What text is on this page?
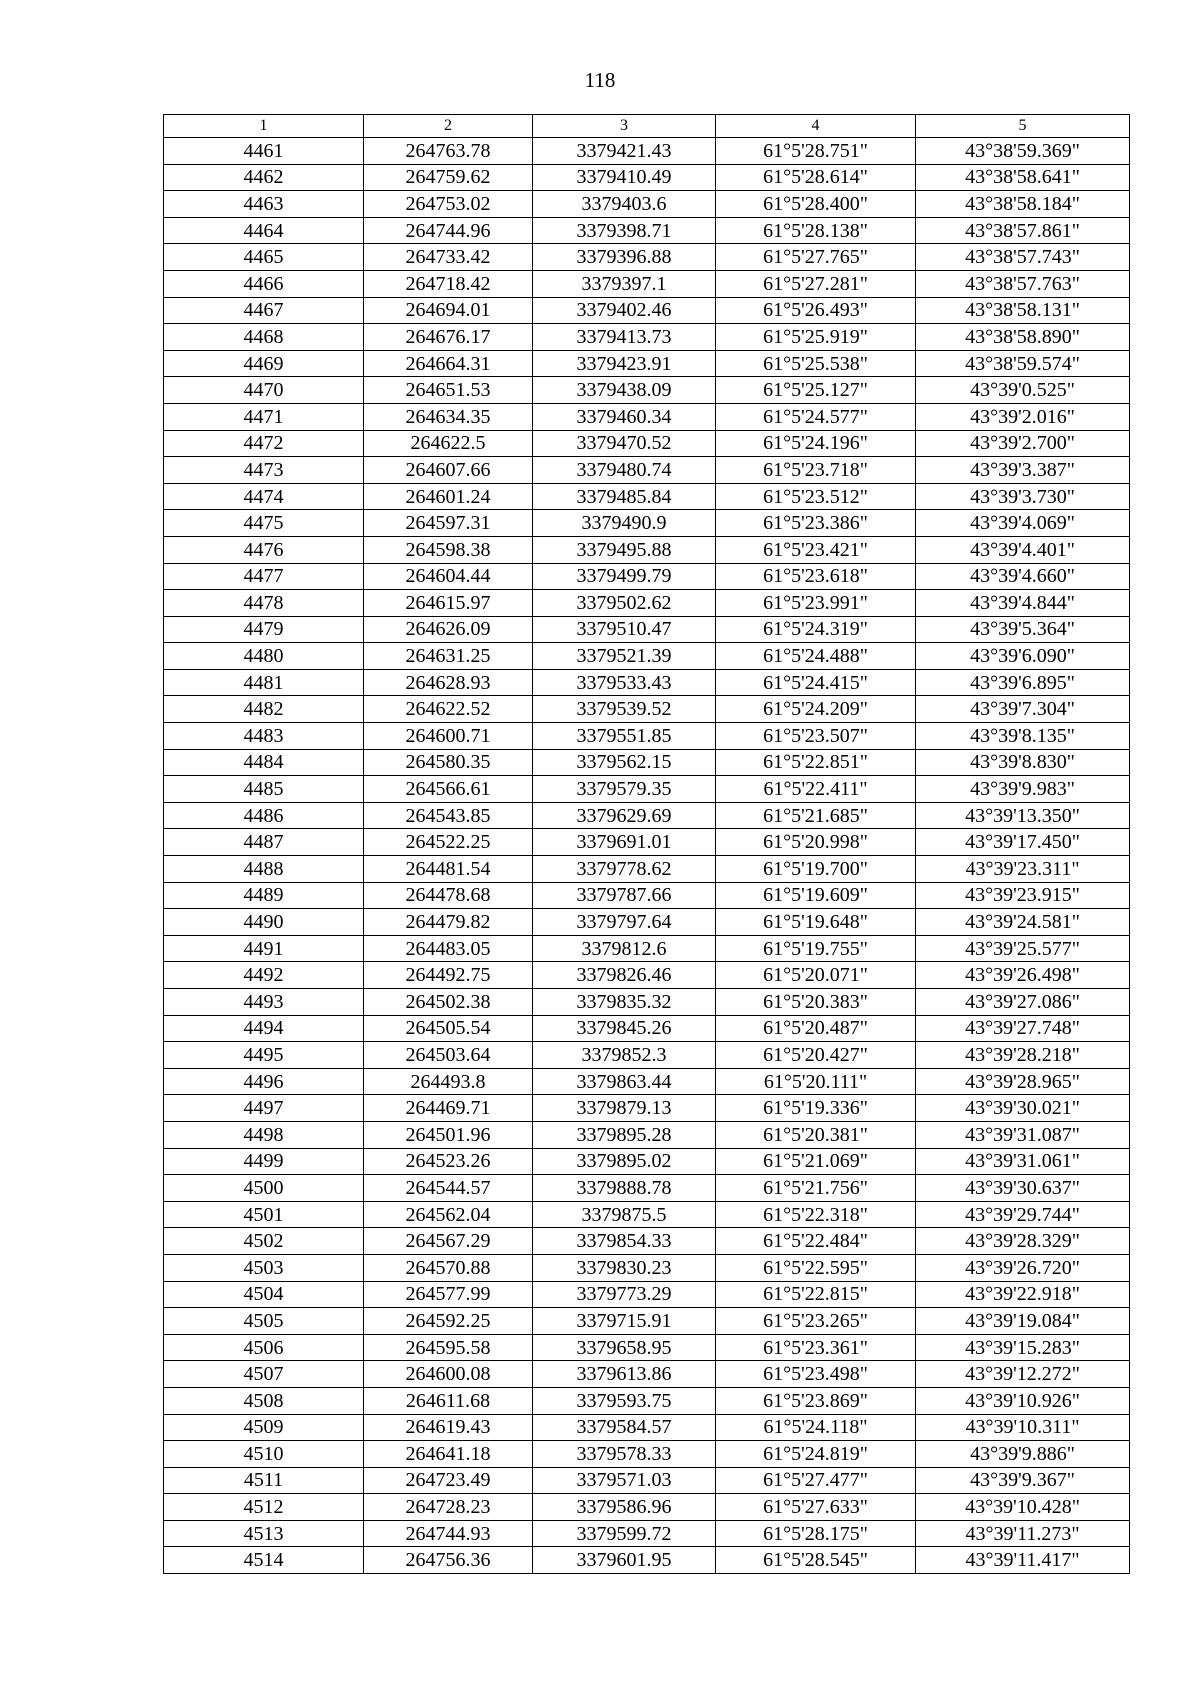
118
1	2	3	4	5
4461	264763.78	3379421.43	61°5'28.751"	43°38'59.369"
4462	264759.62	3379410.49	61°5'28.614"	43°38'58.641"
4463	264753.02	3379403.6	61°5'28.400"	43°38'58.184"
4464	264744.96	3379398.71	61°5'28.138"	43°38'57.861"
4465	264733.42	3379396.88	61°5'27.765"	43°38'57.743"
4466	264718.42	3379397.1	61°5'27.281"	43°38'57.763"
4467	264694.01	3379402.46	61°5'26.493"	43°38'58.131"
4468	264676.17	3379413.73	61°5'25.919"	43°38'58.890"
4469	264664.31	3379423.91	61°5'25.538"	43°38'59.574"
4470	264651.53	3379438.09	61°5'25.127"	43°39'0.525"
4471	264634.35	3379460.34	61°5'24.577"	43°39'2.016"
4472	264622.5	3379470.52	61°5'24.196"	43°39'2.700"
4473	264607.66	3379480.74	61°5'23.718"	43°39'3.387"
4474	264601.24	3379485.84	61°5'23.512"	43°39'3.730"
4475	264597.31	3379490.9	61°5'23.386"	43°39'4.069"
4476	264598.38	3379495.88	61°5'23.421"	43°39'4.401"
4477	264604.44	3379499.79	61°5'23.618"	43°39'4.660"
4478	264615.97	3379502.62	61°5'23.991"	43°39'4.844"
4479	264626.09	3379510.47	61°5'24.319"	43°39'5.364"
4480	264631.25	3379521.39	61°5'24.488"	43°39'6.090"
4481	264628.93	3379533.43	61°5'24.415"	43°39'6.895"
4482	264622.52	3379539.52	61°5'24.209"	43°39'7.304"
4483	264600.71	3379551.85	61°5'23.507"	43°39'8.135"
4484	264580.35	3379562.15	61°5'22.851"	43°39'8.830"
4485	264566.61	3379579.35	61°5'22.411"	43°39'9.983"
4486	264543.85	3379629.69	61°5'21.685"	43°39'13.350"
4487	264522.25	3379691.01	61°5'20.998"	43°39'17.450"
4488	264481.54	3379778.62	61°5'19.700"	43°39'23.311"
4489	264478.68	3379787.66	61°5'19.609"	43°39'23.915"
4490	264479.82	3379797.64	61°5'19.648"	43°39'24.581"
4491	264483.05	3379812.6	61°5'19.755"	43°39'25.577"
4492	264492.75	3379826.46	61°5'20.071"	43°39'26.498"
4493	264502.38	3379835.32	61°5'20.383"	43°39'27.086"
4494	264505.54	3379845.26	61°5'20.487"	43°39'27.748"
4495	264503.64	3379852.3	61°5'20.427"	43°39'28.218"
4496	264493.8	3379863.44	61°5'20.111"	43°39'28.965"
4497	264469.71	3379879.13	61°5'19.336"	43°39'30.021"
4498	264501.96	3379895.28	61°5'20.381"	43°39'31.087"
4499	264523.26	3379895.02	61°5'21.069"	43°39'31.061"
4500	264544.57	3379888.78	61°5'21.756"	43°39'30.637"
4501	264562.04	3379875.5	61°5'22.318"	43°39'29.744"
4502	264567.29	3379854.33	61°5'22.484"	43°39'28.329"
4503	264570.88	3379830.23	61°5'22.595"	43°39'26.720"
4504	264577.99	3379773.29	61°5'22.815"	43°39'22.918"
4505	264592.25	3379715.91	61°5'23.265"	43°39'19.084"
4506	264595.58	3379658.95	61°5'23.361"	43°39'15.283"
4507	264600.08	3379613.86	61°5'23.498"	43°39'12.272"
4508	264611.68	3379593.75	61°5'23.869"	43°39'10.926"
4509	264619.43	3379584.57	61°5'24.118"	43°39'10.311"
4510	264641.18	3379578.33	61°5'24.819"	43°39'9.886"
4511	264723.49	3379571.03	61°5'27.477"	43°39'9.367"
4512	264728.23	3379586.96	61°5'27.633"	43°39'10.428"
4513	264744.93	3379599.72	61°5'28.175"	43°39'11.273"
4514	264756.36	3379601.95	61°5'28.545"	43°39'11.417"
